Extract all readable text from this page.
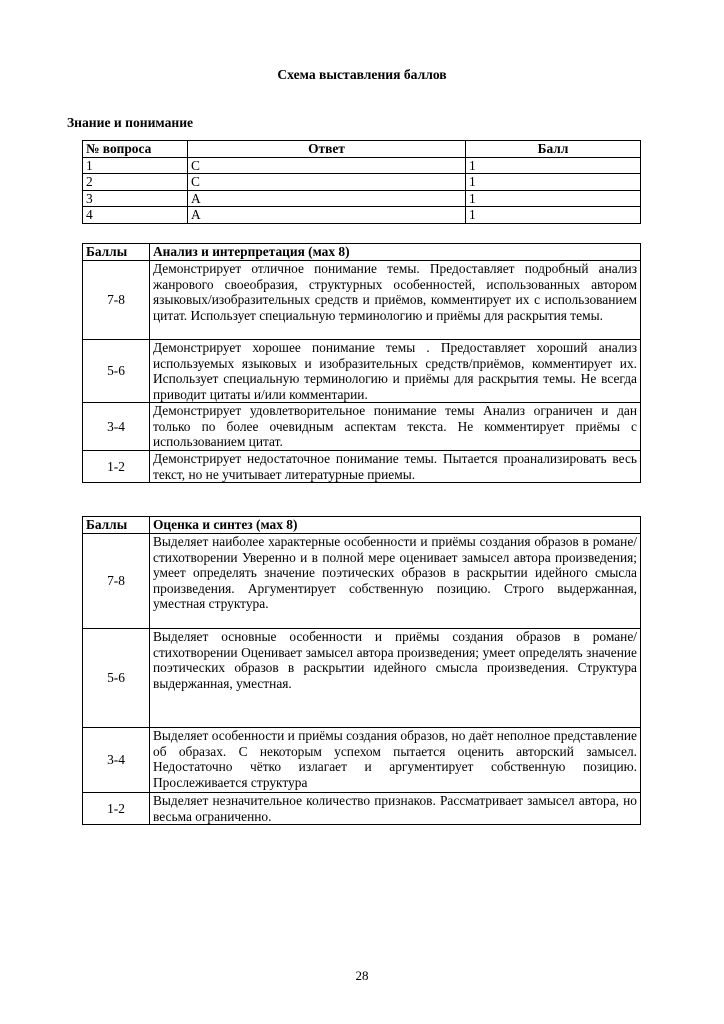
Схема выставления баллов
Знание и понимание
№ вопроса	Ответ	Балл
1	C	1
2	C	1
3	A	1
4	A	1
Баллы	Анализ и интерпретация (мах 8)
7-8	Демонстрирует отличное понимание темы. Предоставляет подробный анализ жанрового своеобразия, структурных особенностей, использованных автором языковых/изобразительных средств и приёмов, комментирует их с использованием цитат. Использует специальную терминологию и приёмы для раскрытия темы.
5-6	Демонстрирует хорошее понимание темы . Предоставляет хороший анализ используемых языковых и изобразительных средств/приёмов, комментирует их. Использует специальную терминологию и приёмы для раскрытия темы. Не всегда приводит цитаты и/или комментарии.
3-4	Демонстрирует удовлетворительное понимание темы Анализ ограничен и дан только по более очевидным аспектам текста. Не комментирует приёмы с использованием цитат.
1-2	Демонстрирует недостаточное понимание темы. Пытается проанализировать весь текст, но не учитывает литературные приемы.
Баллы	Оценка и синтез (мах 8)
7-8	Выделяет наиболее характерные особенности и приёмы создания образов в романе/стихотворении Уверенно и в полной мере оценивает замысел автора произведения; умеет определять значение поэтических образов в раскрытии идейного смысла произведения. Аргументирует собственную позицию. Строго выдержанная, уместная структура.
5-6	Выделяет основные особенности и приёмы создания образов в романе/стихотворении Оценивает замысел автора произведения; умеет определять значение поэтических образов в раскрытии идейного смысла произведения. Структура выдержанная, уместная.
3-4	Выделяет особенности и приёмы создания образов, но даёт неполное представление об образах. С некоторым успехом пытается оценить авторский замысел. Недостаточно чётко излагает и аргументирует собственную позицию. Прослеживается структура
1-2	Выделяет незначительное количество признаков. Рассматривает замысел автора, но весьма ограниченно.
28
